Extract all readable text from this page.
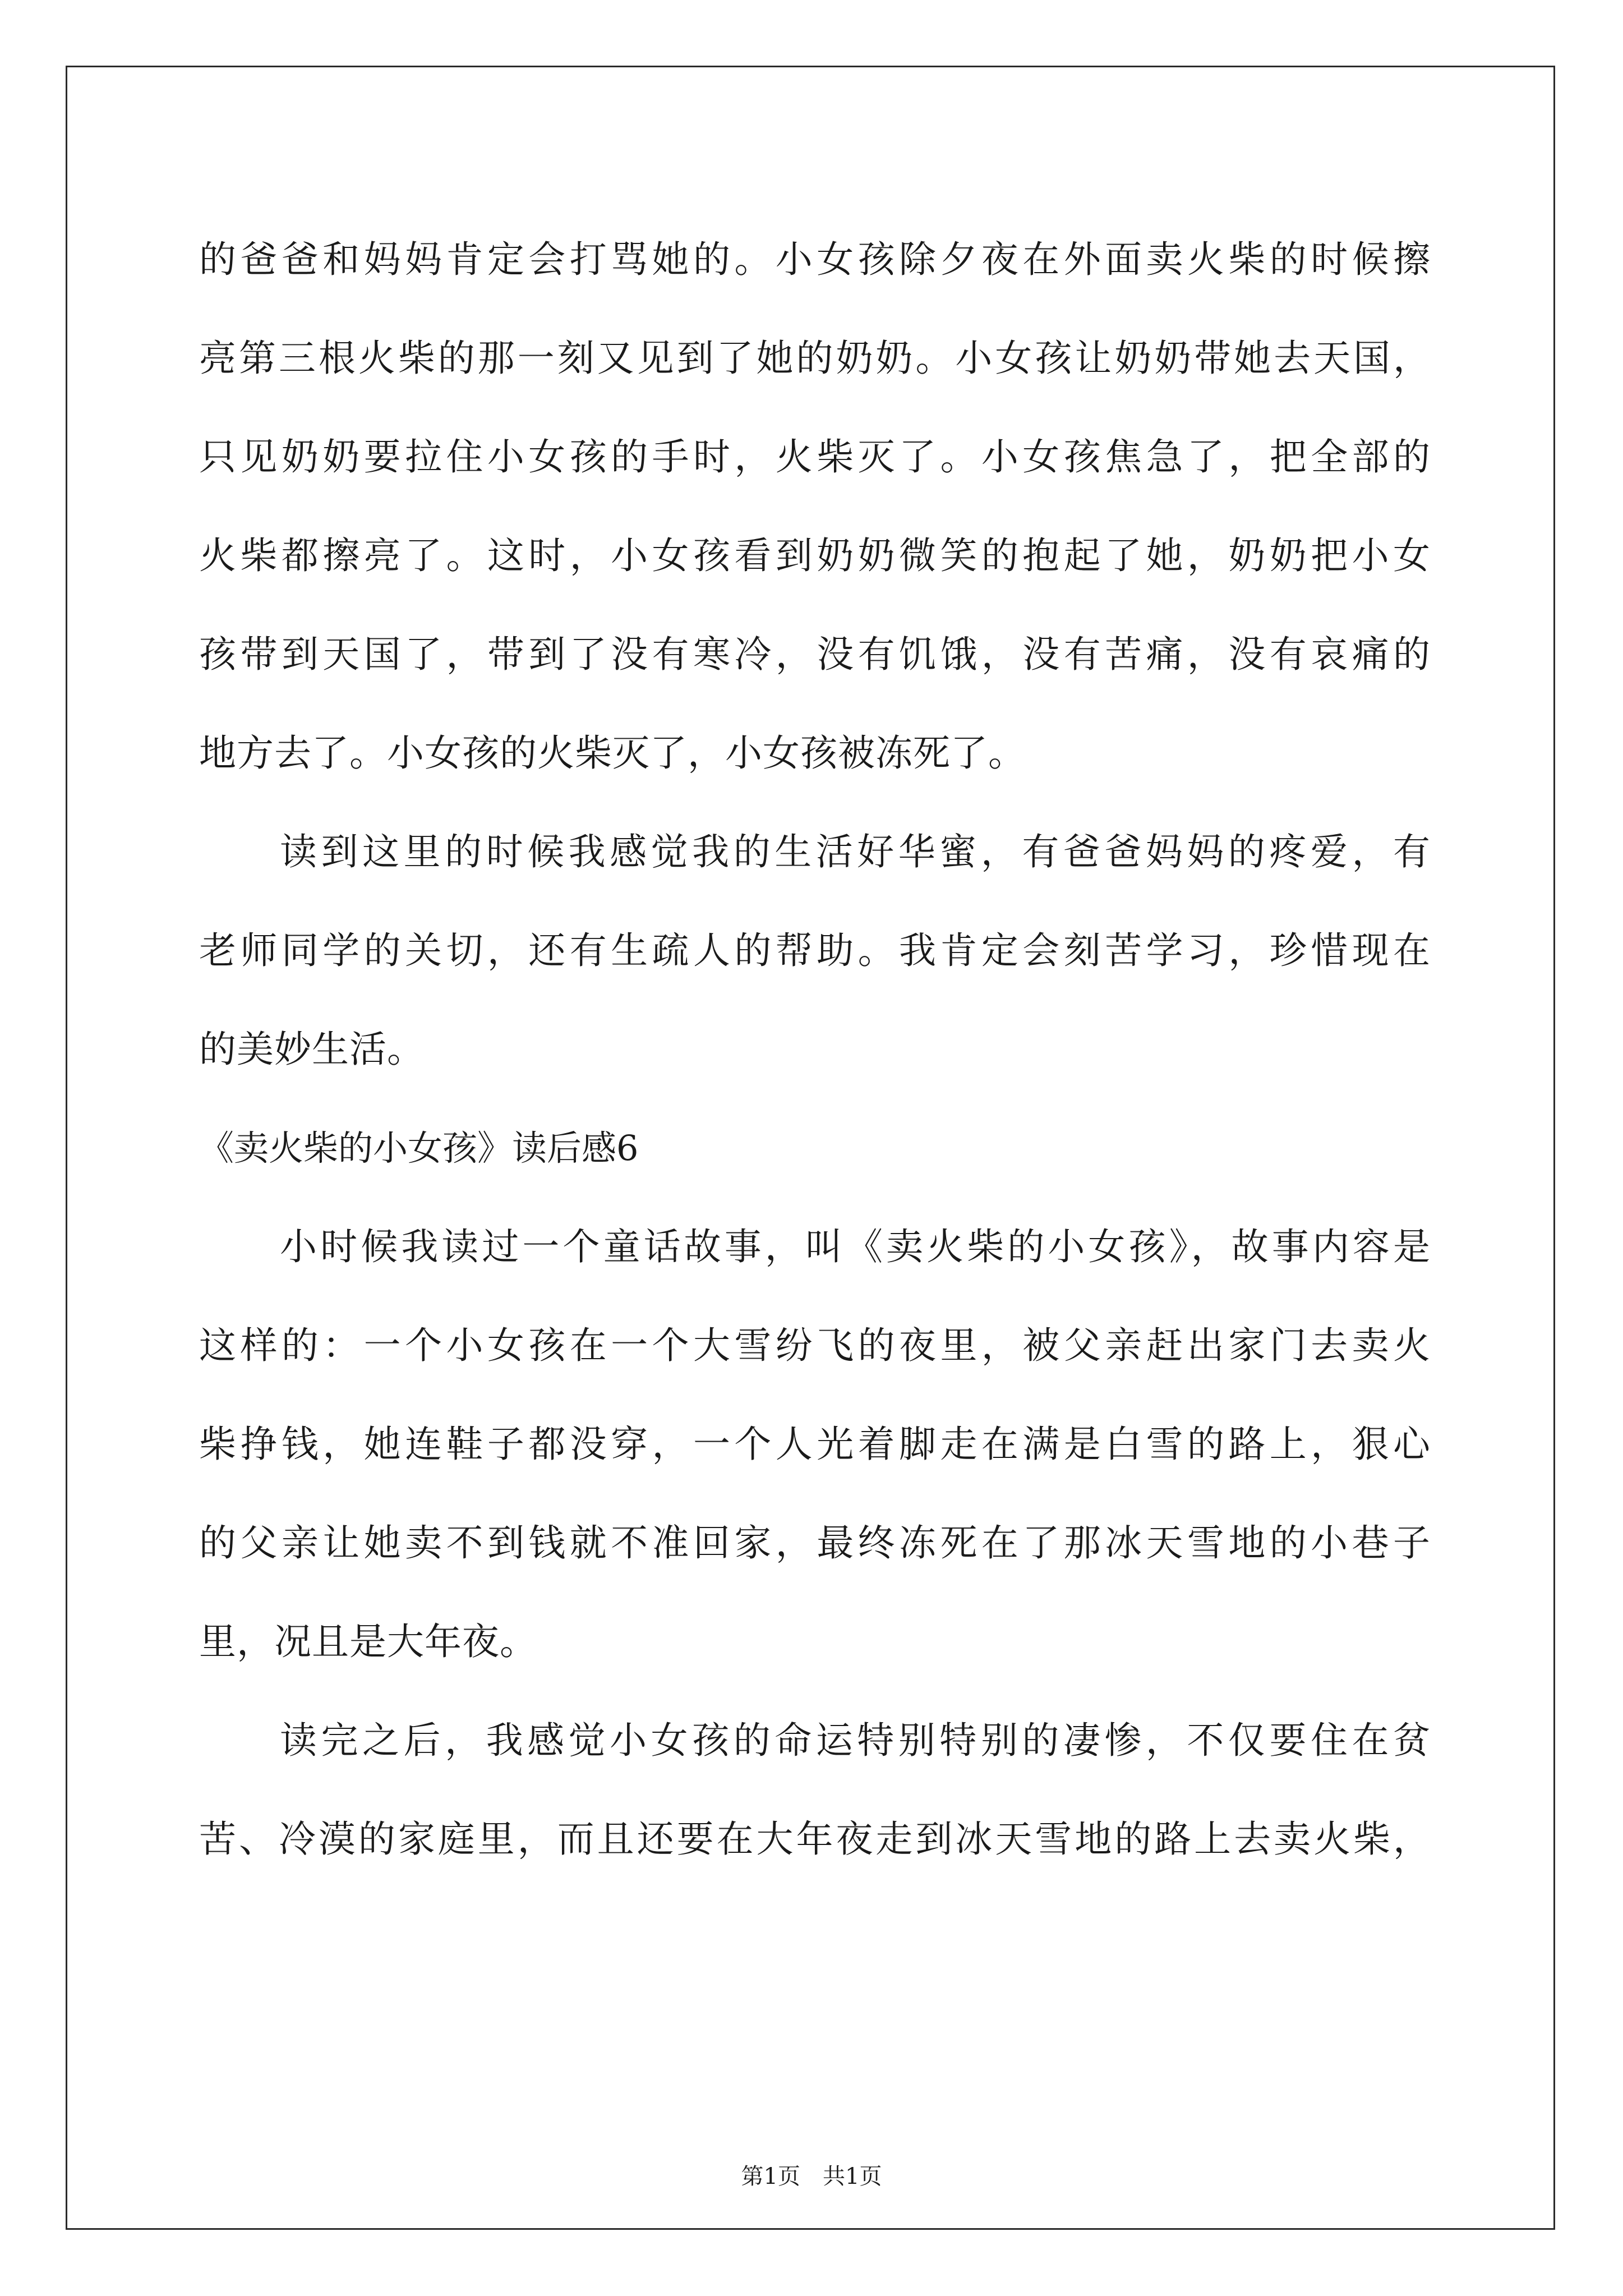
的爸爸和妈妈肯定会打骂她的。小女孩除夕夜在外面卖火柴的时候擦
亮第三根火柴的那一刻又见到了她的奶奶。小女孩让奶奶带她去天国，
只见奶奶要拉住小女孩的手时，火柴灭了。小女孩焦急了，把全部的
火柴都擦亮了。这时，小女孩看到奶奶微笑的抱起了她，奶奶把小女
孩带到天国了，带到了没有寒冷，没有饥饿，没有苦痛，没有哀痛的
地方去了。小女孩的火柴灭了，小女孩被冻死了。
读到这里的时候我感觉我的生活好华蜜，有爸爸妈妈的疼爱，有
老师同学的关切，还有生疏人的帮助。我肯定会刻苦学习，珍惜现在
的美妙生活。
《卖火柴的小女孩》读后感6
小时候我读过一个童话故事，叫《卖火柴的小女孩》，故事内容是
这样的：一个小女孩在一个大雪纷飞的夜里，被父亲赶出家门去卖火
柴挣钱，她连鞋子都没穿，一个人光着脚走在满是白雪的路上，狠心
的父亲让她卖不到钱就不准回家，最终冻死在了那冰天雪地的小巷子
里，况且是大年夜。
读完之后，我感觉小女孩的命运特别特别的凄惨，不仅要住在贫
苦、冷漠的家庭里，而且还要在大年夜走到冰天雪地的路上去卖火柴，
第1页　共1页
